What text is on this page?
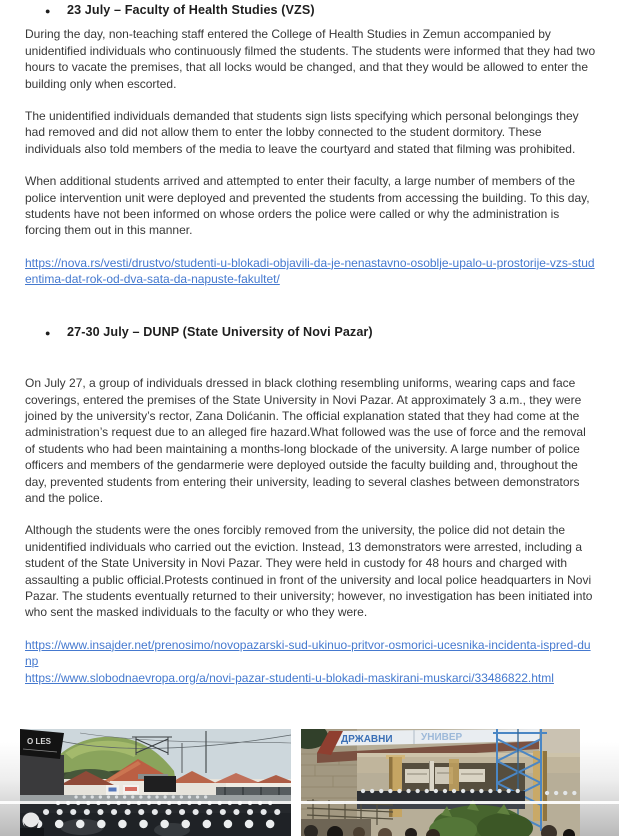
●	23 July – Faculty of Health Studies (VZS)

During the day, non-teaching staff entered the College of Health Studies in Zemun accompanied by unidentified individuals who continuously filmed the students. The students were informed that they had two hours to vacate the premises, that all locks would be changed, and that they would be allowed to enter the building only when escorted.

The unidentified individuals demanded that students sign lists specifying which personal belongings they had removed and did not allow them to enter the lobby connected to the student dormitory. These individuals also told members of the media to leave the courtyard and stated that filming was prohibited.

When additional students arrived and attempted to enter their faculty, a large number of members of the police intervention unit were deployed and prevented the students from accessing the building. To this day, students have not been informed on whose orders the police were called or why the administration is forcing them out in this manner.

https://nova.rs/vesti/drustvo/studenti-u-blokadi-objavili-da-je-nenastavno-osoblje-upalo-u-prostorije-vzs-studentima-dat-rok-od-dva-sata-da-napuste-fakultet/

●	27-30 July – DUNP (State University of Novi Pazar)

On July 27, a group of individuals dressed in black clothing resembling uniforms, wearing caps and face coverings, entered the premises of the State University in Novi Pazar. At approximately 3 a.m., they were joined by the university’s rector, Zana Dolićanin. The official explanation stated that they had come at the administration’s request due to an alleged fire hazard.What followed was the use of force and the removal of students who had been maintaining a months-long blockade of the university. A large number of police officers and members of the gendarmerie were deployed outside the faculty building and, throughout the day, prevented students from entering their university, leading to several clashes between demonstrators and the police.

Although the students were the ones forcibly removed from the university, the police did not detain the unidentified individuals who carried out the eviction. Instead, 13 demonstrators were arrested, including a student of the State University in Novi Pazar. They were held in custody for 48 hours and charged with assaulting a public official.Protests continued in front of the university and local police headquarters in Novi Pazar. The students eventually returned to their university; however, no investigation has been initiated into who sent the masked individuals to the faculty or who they were.

https://www.insajder.net/prenosimo/novopazarski-sud-ukinuo-pritvor-osmorici-ucesnika-incidenta-ispred-dunp
https://www.slobodnaevropa.org/a/novi-pazar-studenti-u-blokadi-maskirani-muskarci/33486822.html

O LES	ДРЖАВНИ	УНИВЕР
